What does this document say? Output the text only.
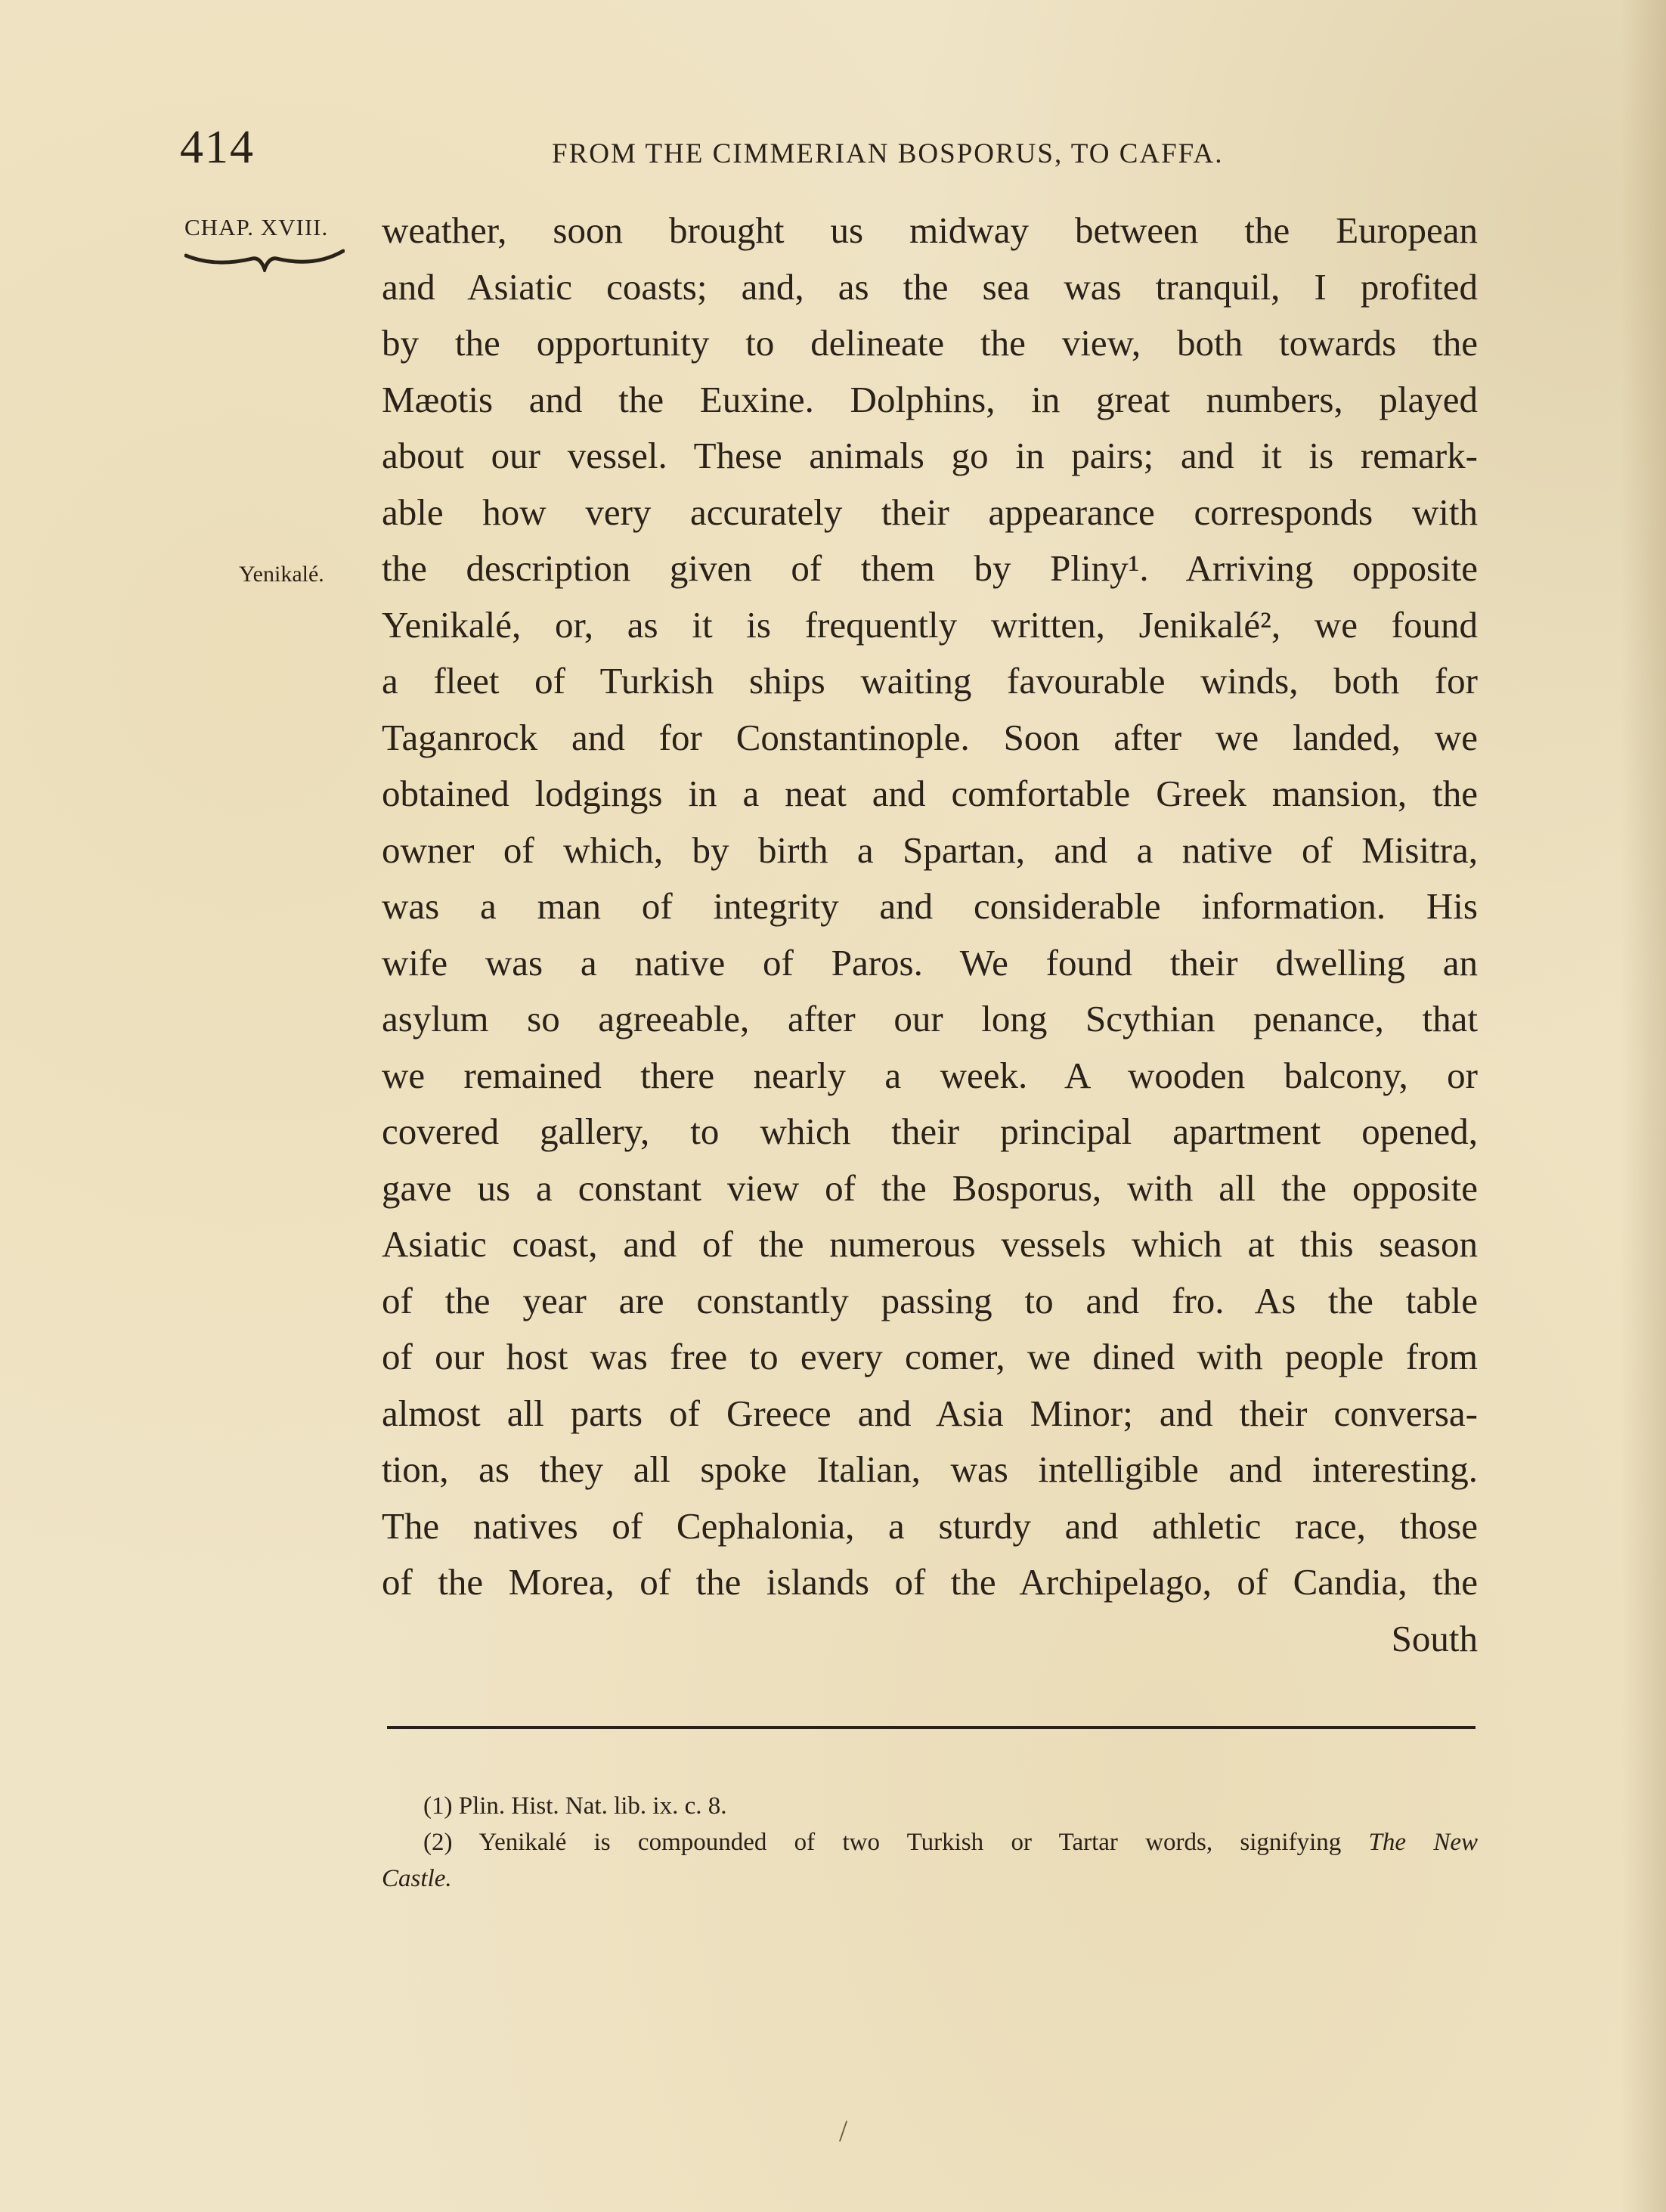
414	FROM THE CIMMERIAN BOSPORUS, TO CAFFA.
CHAP. XVIII.
Yenikalé.
weather, soon brought us midway between the European
and Asiatic coasts; and, as the sea was tranquil, I profited
by the opportunity to delineate the view, both towards the
Mæotis and the Euxine. Dolphins, in great numbers, played
about our vessel. These animals go in pairs; and it is remark-
able how very accurately their appearance corresponds with
the description given of them by Pliny¹. Arriving opposite
Yenikalé, or, as it is frequently written, Jenikalé², we found
a fleet of Turkish ships waiting favourable winds, both for
Taganrock and for Constantinople. Soon after we landed, we
obtained lodgings in a neat and comfortable Greek mansion, the
owner of which, by birth a Spartan, and a native of Misitra,
was a man of integrity and considerable information. His
wife was a native of Paros. We found their dwelling an
asylum so agreeable, after our long Scythian penance, that
we remained there nearly a week. A wooden balcony, or
covered gallery, to which their principal apartment opened,
gave us a constant view of the Bosporus, with all the opposite
Asiatic coast, and of the numerous vessels which at this season
of the year are constantly passing to and fro. As the table
of our host was free to every comer, we dined with people from
almost all parts of Greece and Asia Minor; and their conversa-
tion, as they all spoke Italian, was intelligible and interesting.
The natives of Cephalonia, a sturdy and athletic race, those
of the Morea, of the islands of the Archipelago, of Candia, the
South
(1) Plin. Hist. Nat. lib. ix. c. 8.
(2) Yenikalé is compounded of two Turkish or Tartar words, signifying The New
Castle.
/
